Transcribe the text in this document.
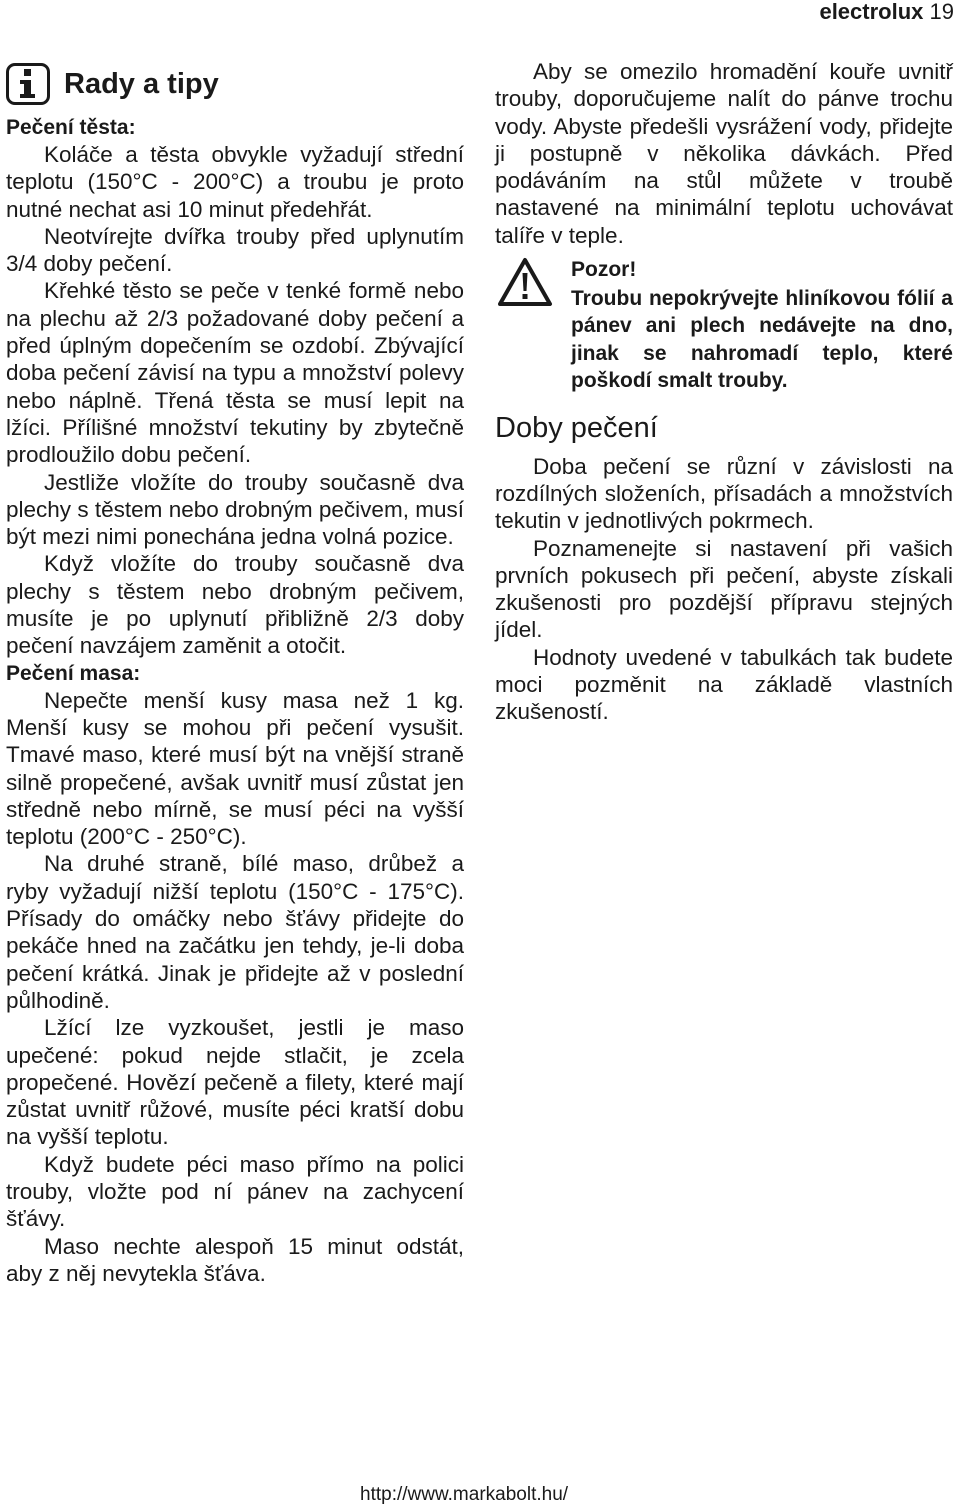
electrolux 19
Rady a tipy
Pečení těsta:

Koláče a těsta obvykle vyžadují střední teplotu (150°C - 200°C) a troubu je proto nutné nechat asi 10 minut předehřát.

Neotvírejte dvířka trouby před uplynutím 3/4 doby pečení.

Křehké těsto se peče v tenké formě nebo na plechu až 2/3 požadované doby pečení a před úplným dopečením se ozdobí. Zbývající doba pečení závisí na typu a množství polevy nebo náplně. Třená těsta se musí lepit na lžíci. Přílišné množství tekutiny by zbytečně prodloužilo dobu pečení.

Jestliže vložíte do trouby současně dva plechy s těstem nebo drobným pečivem, musí být mezi nimi ponechána jedna volná pozice.

Když vložíte do trouby současně dva plechy s těstem nebo drobným pečivem, musíte je po uplynutí přibližně 2/3 doby pečení navzájem zaměnit a otočit.

Pečení masa:

Nepečte menší kusy masa než 1 kg. Menší kusy se mohou při pečení vysušit. Tmavé maso, které musí být na vnější straně silně propečené, avšak uvnitř musí zůstat jen středně nebo mírně, se musí péci na vyšší teplotu (200°C - 250°C).

Na druhé straně, bílé maso, drůbež a ryby vyžadují nižší teplotu (150°C - 175°C). Přísady do omáčky nebo šťávy přidejte do pekáče hned na začátku jen tehdy, je-li doba pečení krátká. Jinak je přidejte až v poslední půlhodině.

Lžící lze vyzkoušet, jestli je maso upečené: pokud nejde stlačit, je zcela propečené. Hovězí pečeně a filety, které mají zůstat uvnitř růžové, musíte péci kratší dobu na vyšší teplotu.

Když budete péci maso přímo na polici trouby, vložte pod ní pánev na zachycení šťávy.

Maso nechte alespoň 15 minut odstát, aby z něj nevytekla šťáva.

Aby se omezilo hromadění kouře uvnitř trouby, doporučujeme nalít do pánve trochu vody. Abyste předešli vysrážení vody, přidejte ji postupně v několika dávkách. Před podáváním na stůl můžete v troubě nastavené na minimální teplotu uchovávat talíře v teple.

Pozor!

Troubu nepokrývejte hliníkovou fólií a pánev ani plech nedávejte na dno, jinak se nahromadí teplo, které poškodí smalt trouby.

Doby pečení

Doba pečení se různí v závislosti na rozdílných složeních, přísadách a množstvích tekutin v jednotlivých pokrmech.

Poznamenejte si nastavení při vašich prvních pokusech při pečení, abyste získali zkušenosti pro pozdější přípravu stejných jídel.

Hodnoty uvedené v tabulkách tak budete moci pozměnit na základě vlastních zkušeností.

http://www.markabolt.hu/
